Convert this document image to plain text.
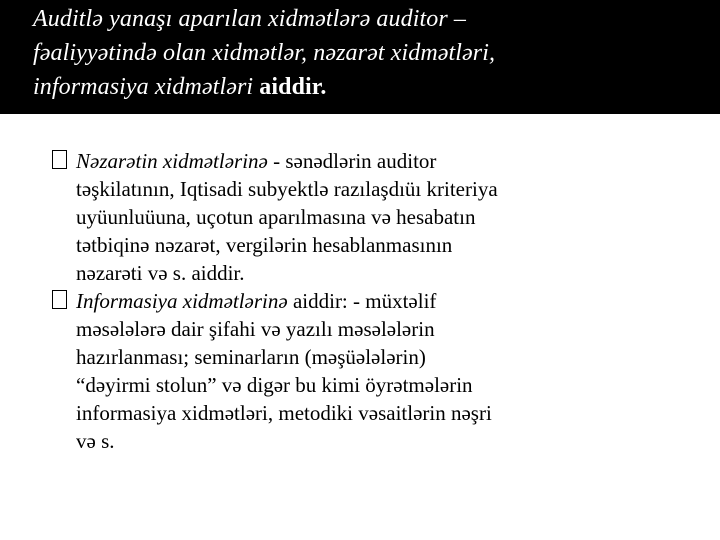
Auditlə yanaşı aparılan xidmətlərə auditor –
fəaliyyətində olan xidmətlər, nəzarət xidmətləri,
informasiya xidmətləri aiddir.

Nəzarətin xidmətlərinə - sənədlərin auditor
təşkilatının, Iqtisadi subyektlə razılaşdıüı kriteriya
uyüunluüuna, uçotun aparılmasına və hesabatın
tətbiqinə nəzarət, vergilərin hesablanmasının
nəzarəti və s. aiddir.

Informasiya xidmətlərinə aiddir: - müxtəlif
məsələlərə dair şifahi və yazılı məsələlərin
hazırlanması; seminarların (məşüələlərin)
“dəyirmi stolun” və digər bu kimi öyrətmələrin
informasiya xidmətləri, metodiki vəsaitlərin nəşri
və s.
